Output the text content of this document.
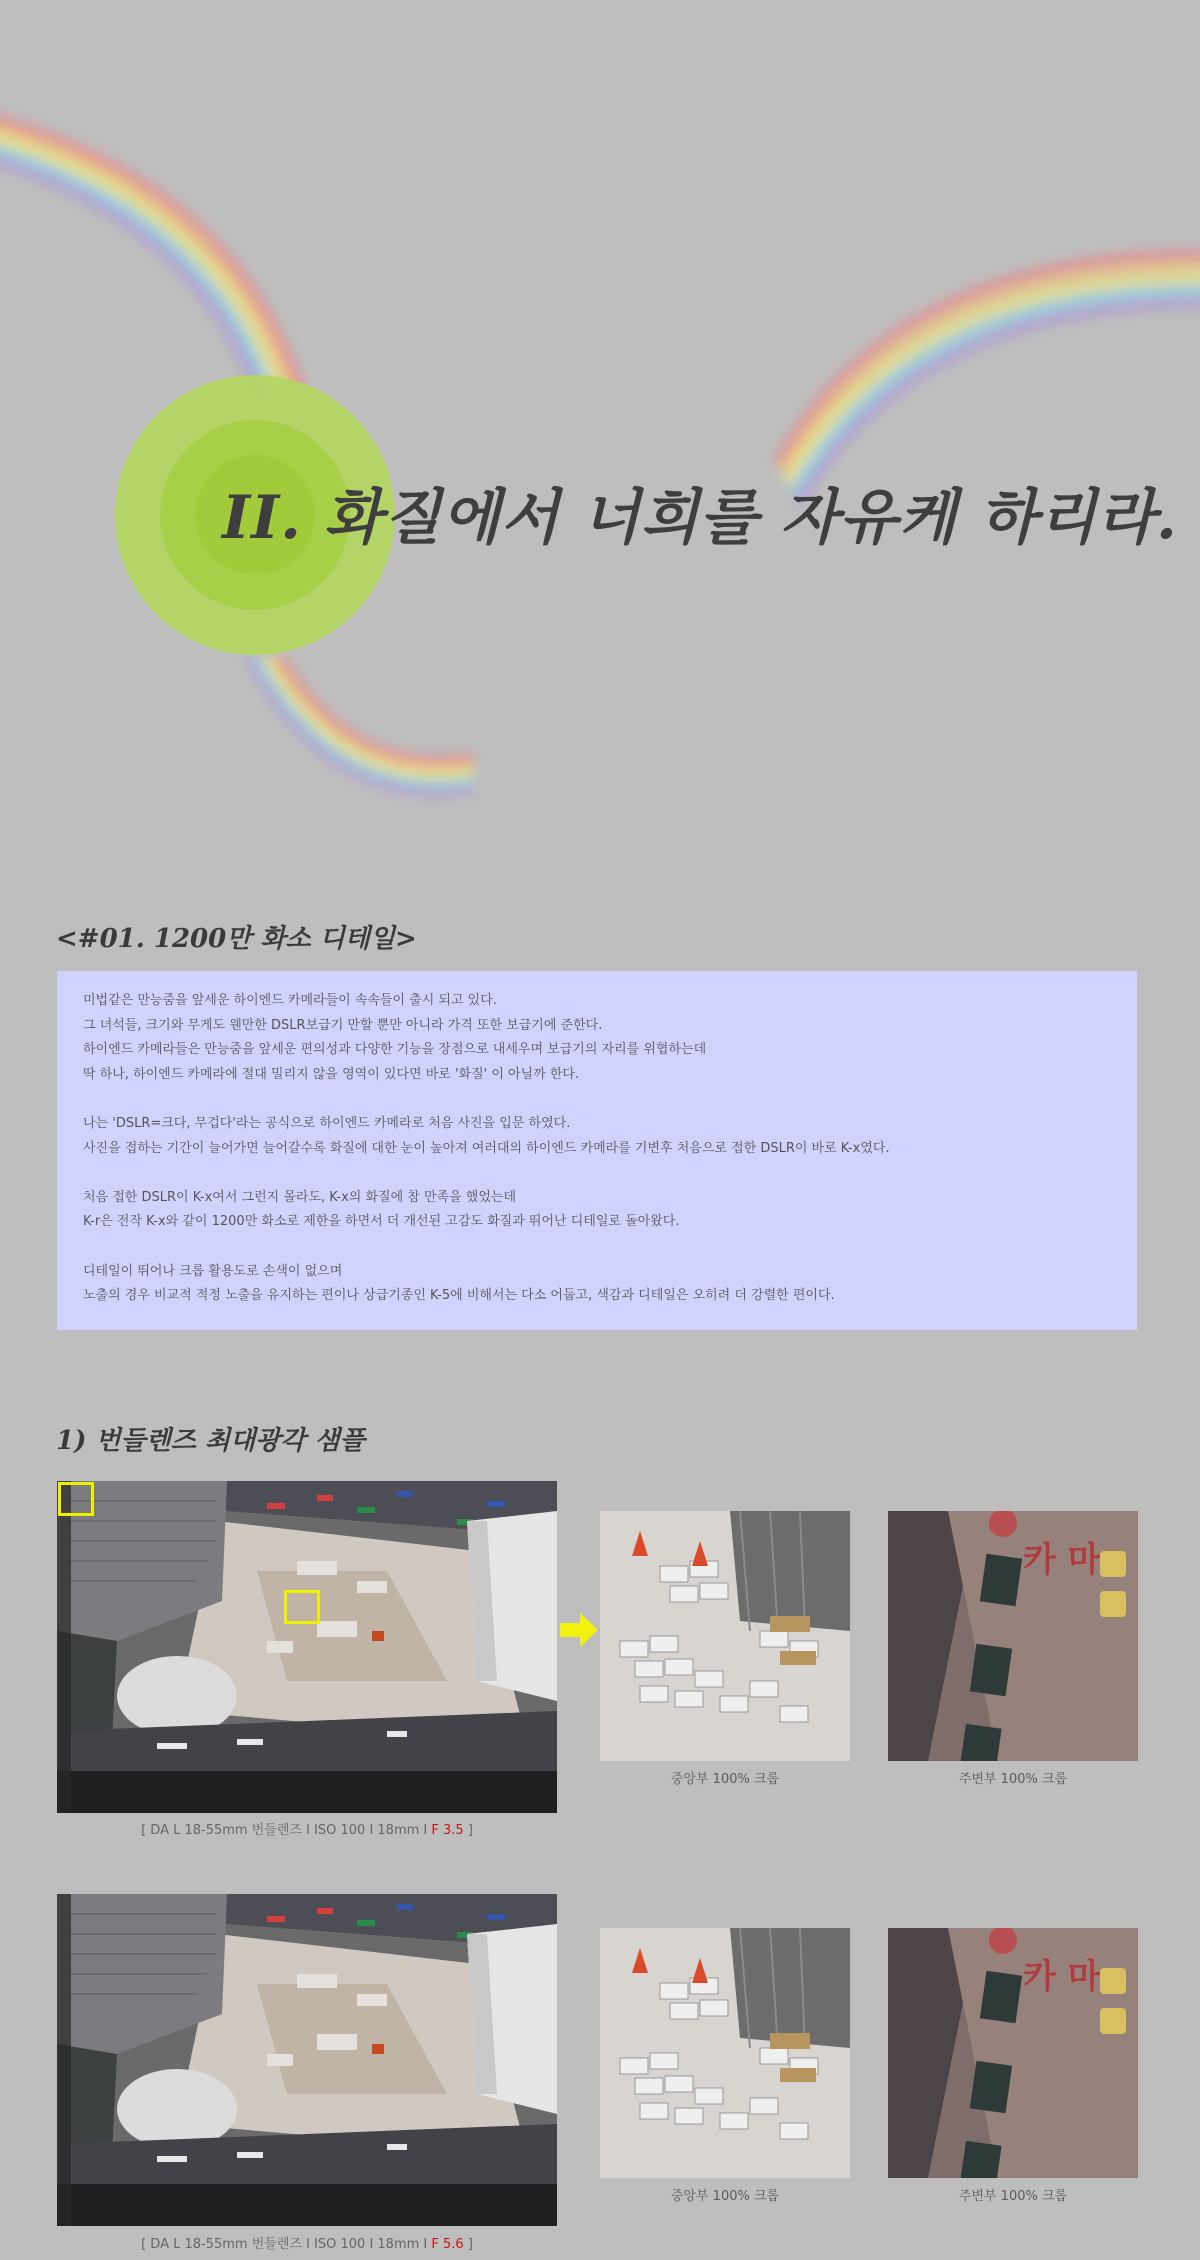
II. 화질에서 너희를 자유케 하리라.
<#01. 1200만 화소 디테일>

미법같은 만능줌을 앞세운 하이엔드 카메라들이 속속들이 출시 되고 있다.
그 녀석들, 크기와 무게도 웬만한 DSLR보급기 만할 뿐만 아니라 가격 또한 보급기에 준한다.
하이엔드 카메라들은 만능줌을 앞세운 편의성과 다양한 기능을 장점으로 내세우며 보급기의 자리를 위협하는데
딱 하나, 하이엔드 카메라에 절대 밀리지 않을 영역이 있다면 바로 '화질' 이 아닐까 한다.

나는 'DSLR=크다, 무겁다'라는 공식으로 하이엔드 카메라로 처음 사진을 입문 하였다.
사진을 접하는 기간이 늘어가면 늘어갈수록 화질에 대한 눈이 높아져 여러대의 하이엔드 카메라를 기변후 처음으로 접한 DSLR이 바로 K-x였다.

처음 접한 DSLR이 K-x여서 그런지 몰라도, K-x의 화질에 참 만족을 했었는데
K-r은 전작 K-x와 같이 1200만 화소로 제한을 하면서 더 개선된 고감도 화질과 뛰어난 디테일로 돌아왔다.

디테일이 뛰어나 크롭 활용도로 손색이 없으며
노출의 경우 비교적 적정 노출을 유지하는 편이나 상급기종인 K-5에 비해서는 다소 어둡고, 색감과 디테일은 오히려 더 강렬한 편이다.

1) 번들렌즈 최대광각 샘플
중앙부 100% 크롭	주변부 100% 크롭
[ DA L 18-55mm 번들렌즈 I ISO 100 I 18mm I F 3.5 ]
중앙부 100% 크롭	주변부 100% 크롭
[ DA L 18-55mm 번들렌즈 I ISO 100 I 18mm I F 5.6 ]
